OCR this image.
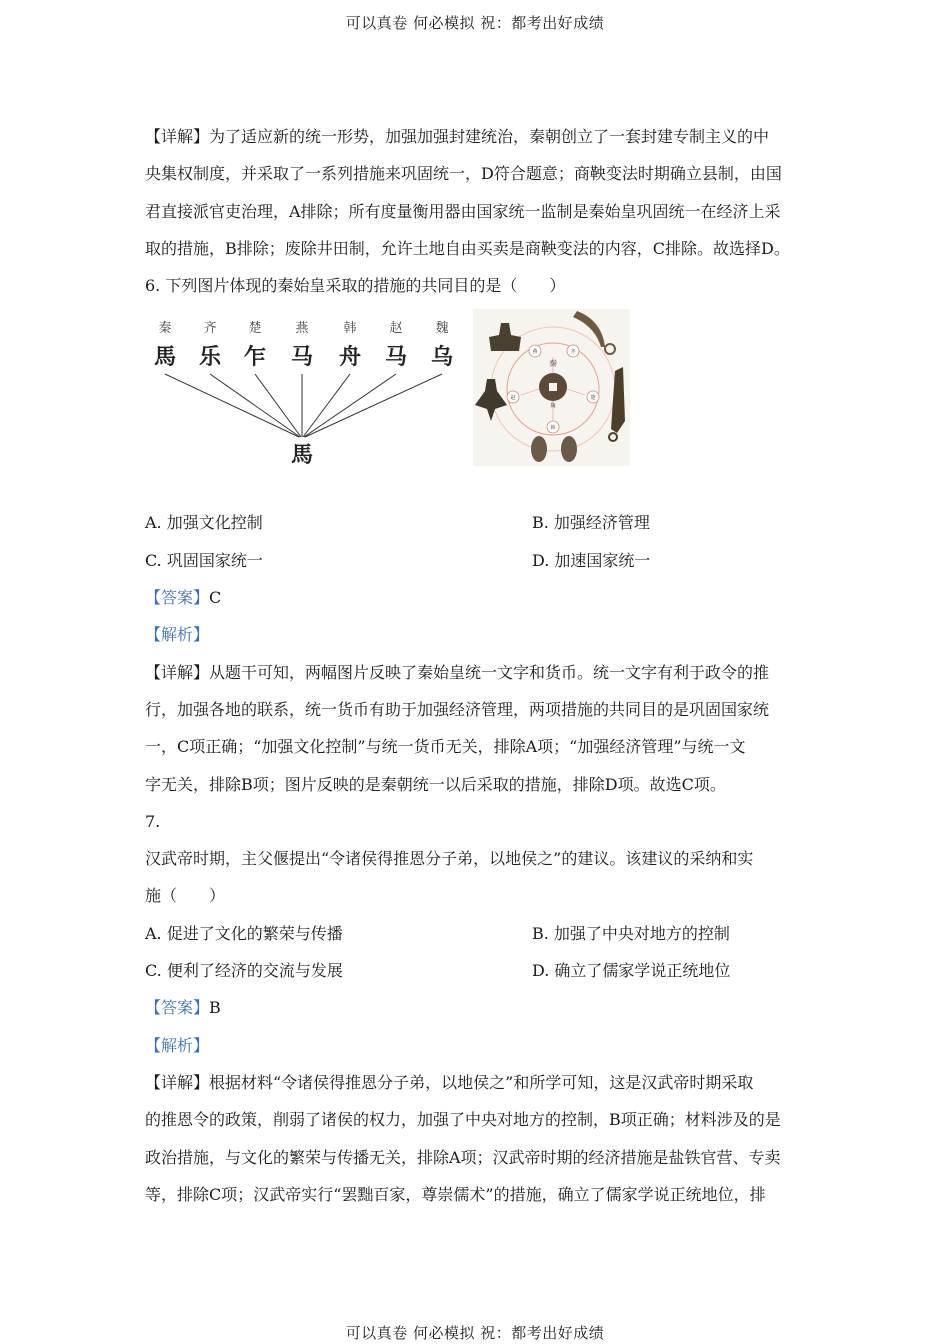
可以真卷 何必模拟 祝：都考出好成绩
【详解】为了适应新的统一形势，加强加强封建统治，秦朝创立了一套封建专制主义的中
央集权制度，并采取了一系列措施来巩固统一，D符合题意；商鞅变法时期确立县制，由国
君直接派官吏治理，A排除；所有度量衡用器由国家统一监制是秦始皇巩固统一在经济上采
取的措施，B排除；废除井田制，允许土地自由买卖是商鞅变法的内容，C排除。故选择D。
6. 下列图片体现的秦始皇采取的措施的共同目的是（　　）
秦 齐 楚	燕	韩	赵	魏
馬 乐 乍 马 舟 马 乌
馬
秦
燕	齐
楚
韩
赵
魏
A. 加强文化控制	B. 加强经济管理
C. 巩固国家统一	D. 加速国家统一
【答案】C
【解析】
【详解】从题干可知，两幅图片反映了秦始皇统一文字和货币。统一文字有利于政令的推
行，加强各地的联系，统一货币有助于加强经济管理，两项措施的共同目的是巩固国家统
一，C项正确；“加强文化控制”与统一货币无关，排除A项；“加强经济管理”与统一文
字无关，排除B项；图片反映的是秦朝统一以后采取的措施，排除D项。故选C项。
7.
汉武帝时期，主父偃提出“令诸侯得推恩分子弟，以地侯之”的建议。该建议的采纳和实
施（　　）
A. 促进了文化的繁荣与传播	B. 加强了中央对地方的控制
C. 便利了经济的交流与发展	D. 确立了儒家学说正统地位
【答案】B
【解析】
【详解】根据材料“令诸侯得推恩分子弟，以地侯之”和所学可知，这是汉武帝时期采取
的推恩令的政策，削弱了诸侯的权力，加强了中央对地方的控制，B项正确；材料涉及的是
政治措施，与文化的繁荣与传播无关，排除A项；汉武帝时期的经济措施是盐铁官营、专卖
等，排除C项；汉武帝实行“罢黜百家，尊崇儒术”的措施，确立了儒家学说正统地位，排
可以真卷 何必模拟 祝：都考出好成绩
